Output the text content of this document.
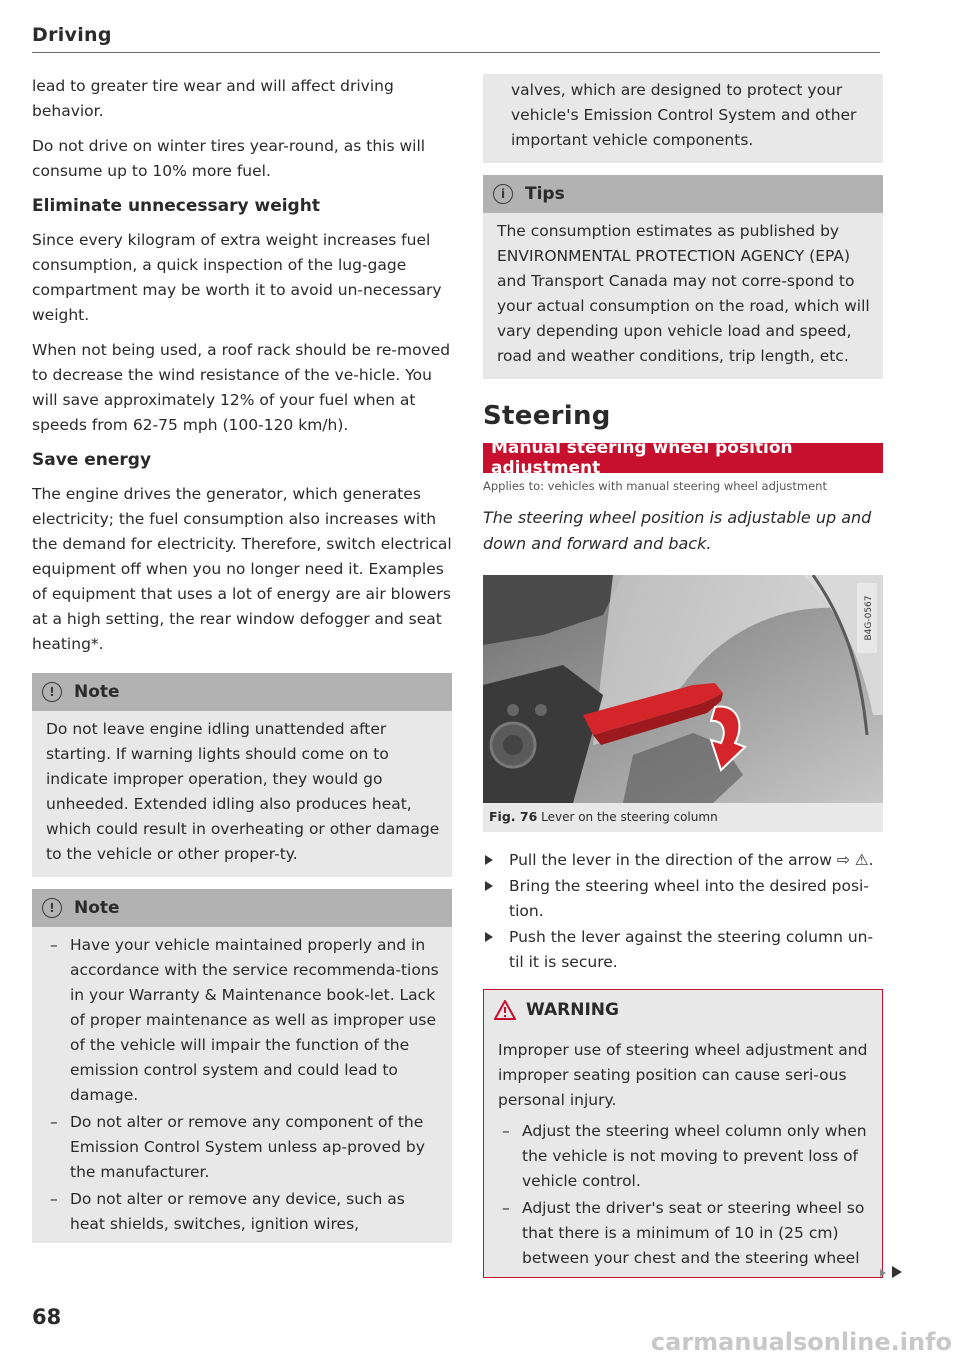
Driving

lead to greater tire wear and will affect driving behavior.

Do not drive on winter tires year-round, as this will consume up to 10% more fuel.

Eliminate unnecessary weight

Since every kilogram of extra weight increases fuel consumption, a quick inspection of the lug-gage compartment may be worth it to avoid un-necessary weight.

When not being used, a roof rack should be re-moved to decrease the wind resistance of the ve-hicle. You will save approximately 12% of your fuel when at speeds from 62-75 mph (100-120 km/h).

Save energy

The engine drives the generator, which generates electricity; the fuel consumption also increases with the demand for electricity. Therefore, switch electrical equipment off when you no longer need it. Examples of equipment that uses a lot of energy are air blowers at a high setting, the rear window defogger and seat heating*.

!	Note

Do not leave engine idling unattended after starting. If warning lights should come on to indicate improper operation, they would go unheeded. Extended idling also produces heat, which could result in overheating or other damage to the vehicle or other proper-ty.

!	Note
– Have your vehicle maintained properly and in accordance with the service recommenda-tions in your Warranty & Maintenance book-let. Lack of proper maintenance as well as improper use of the vehicle will impair the function of the emission control system and could lead to damage.
– Do not alter or remove any component of the Emission Control System unless ap-proved by the manufacturer.
– Do not alter or remove any device, such as heat shields, switches, ignition wires,

valves, which are designed to protect your vehicle's Emission Control System and other important vehicle components.

i	Tips

The consumption estimates as published by ENVIRONMENTAL PROTECTION AGENCY (EPA) and Transport Canada may not corre-spond to your actual consumption on the road, which will vary depending upon vehicle load and speed, road and weather conditions, trip length, etc.

Steering
Manual steering wheel position adjustment
Applies to: vehicles with manual steering wheel adjustment

The steering wheel position is adjustable up and down and forward and back.

B4G-0567
Fig. 76 Lever on the steering column
Pull the lever in the direction of the arrow ⇨ ⚠.
Bring the steering wheel into the desired posi-tion.
Push the lever against the steering column un-til it is secure.
WARNING

Improper use of steering wheel adjustment and improper seating position can cause seri-ous personal injury.

– Adjust the steering wheel column only when the vehicle is not moving to prevent loss of vehicle control.
– Adjust the driver's seat or steering wheel so that there is a minimum of 10 in (25 cm) between your chest and the steering wheel
68
carmanualsonline.info
